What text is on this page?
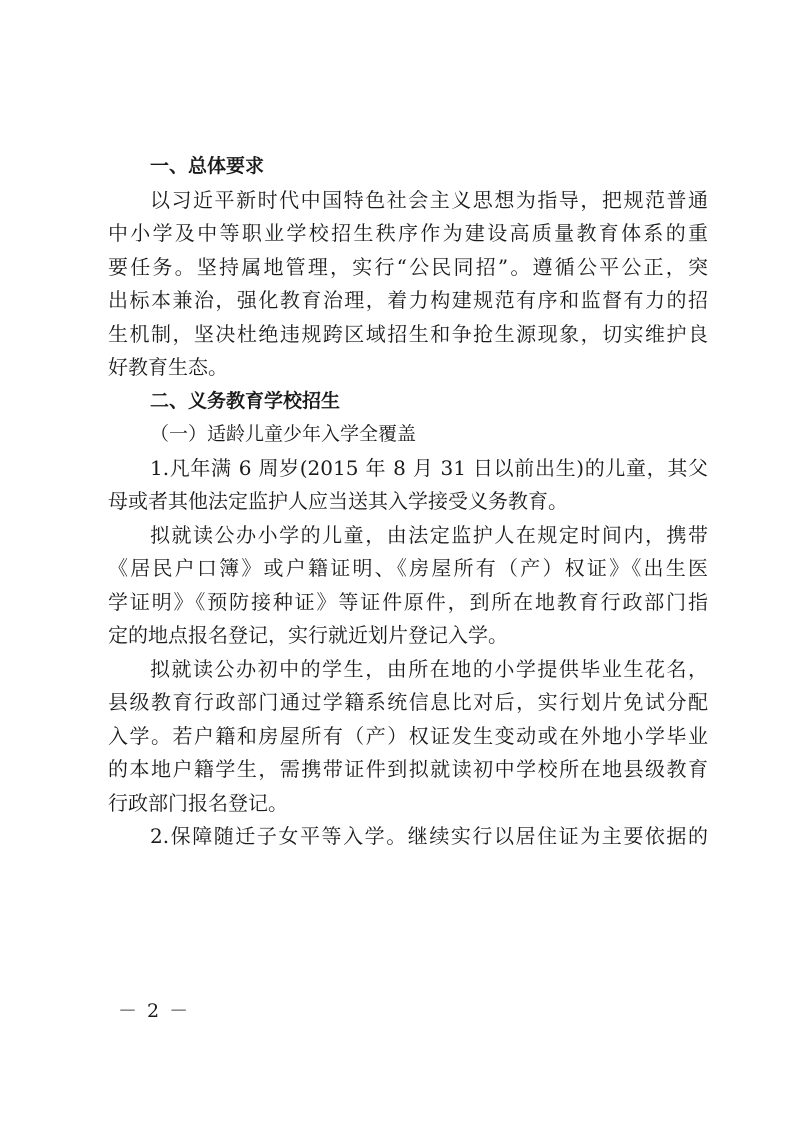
一、总体要求
以习近平新时代中国特色社会主义思想为指导，把规范普通
中小学及中等职业学校招生秩序作为建设高质量教育体系的重
要任务。坚持属地管理，实行“公民同招”。遵循公平公正，突
出标本兼治，强化教育治理，着力构建规范有序和监督有力的招
生机制，坚决杜绝违规跨区域招生和争抢生源现象，切实维护良
好教育生态。
二、义务教育学校招生
（一）适龄儿童少年入学全覆盖
1.凡年满 6 周岁(2015 年 8 月 31 日以前出生)的儿童，其父
母或者其他法定监护人应当送其入学接受义务教育。
拟就读公办小学的儿童，由法定监护人在规定时间内，携带
《居民户口簿》或户籍证明、《房屋所有（产）权证》《出生医
学证明》《预防接种证》等证件原件，到所在地教育行政部门指
定的地点报名登记，实行就近划片登记入学。
拟就读公办初中的学生，由所在地的小学提供毕业生花名，
县级教育行政部门通过学籍系统信息比对后，实行划片免试分配
入学。若户籍和房屋所有（产）权证发生变动或在外地小学毕业
的本地户籍学生，需携带证件到拟就读初中学校所在地县级教育
行政部门报名登记。
2.保障随迁子女平等入学。继续实行以居住证为主要依据的
－ 2 －
